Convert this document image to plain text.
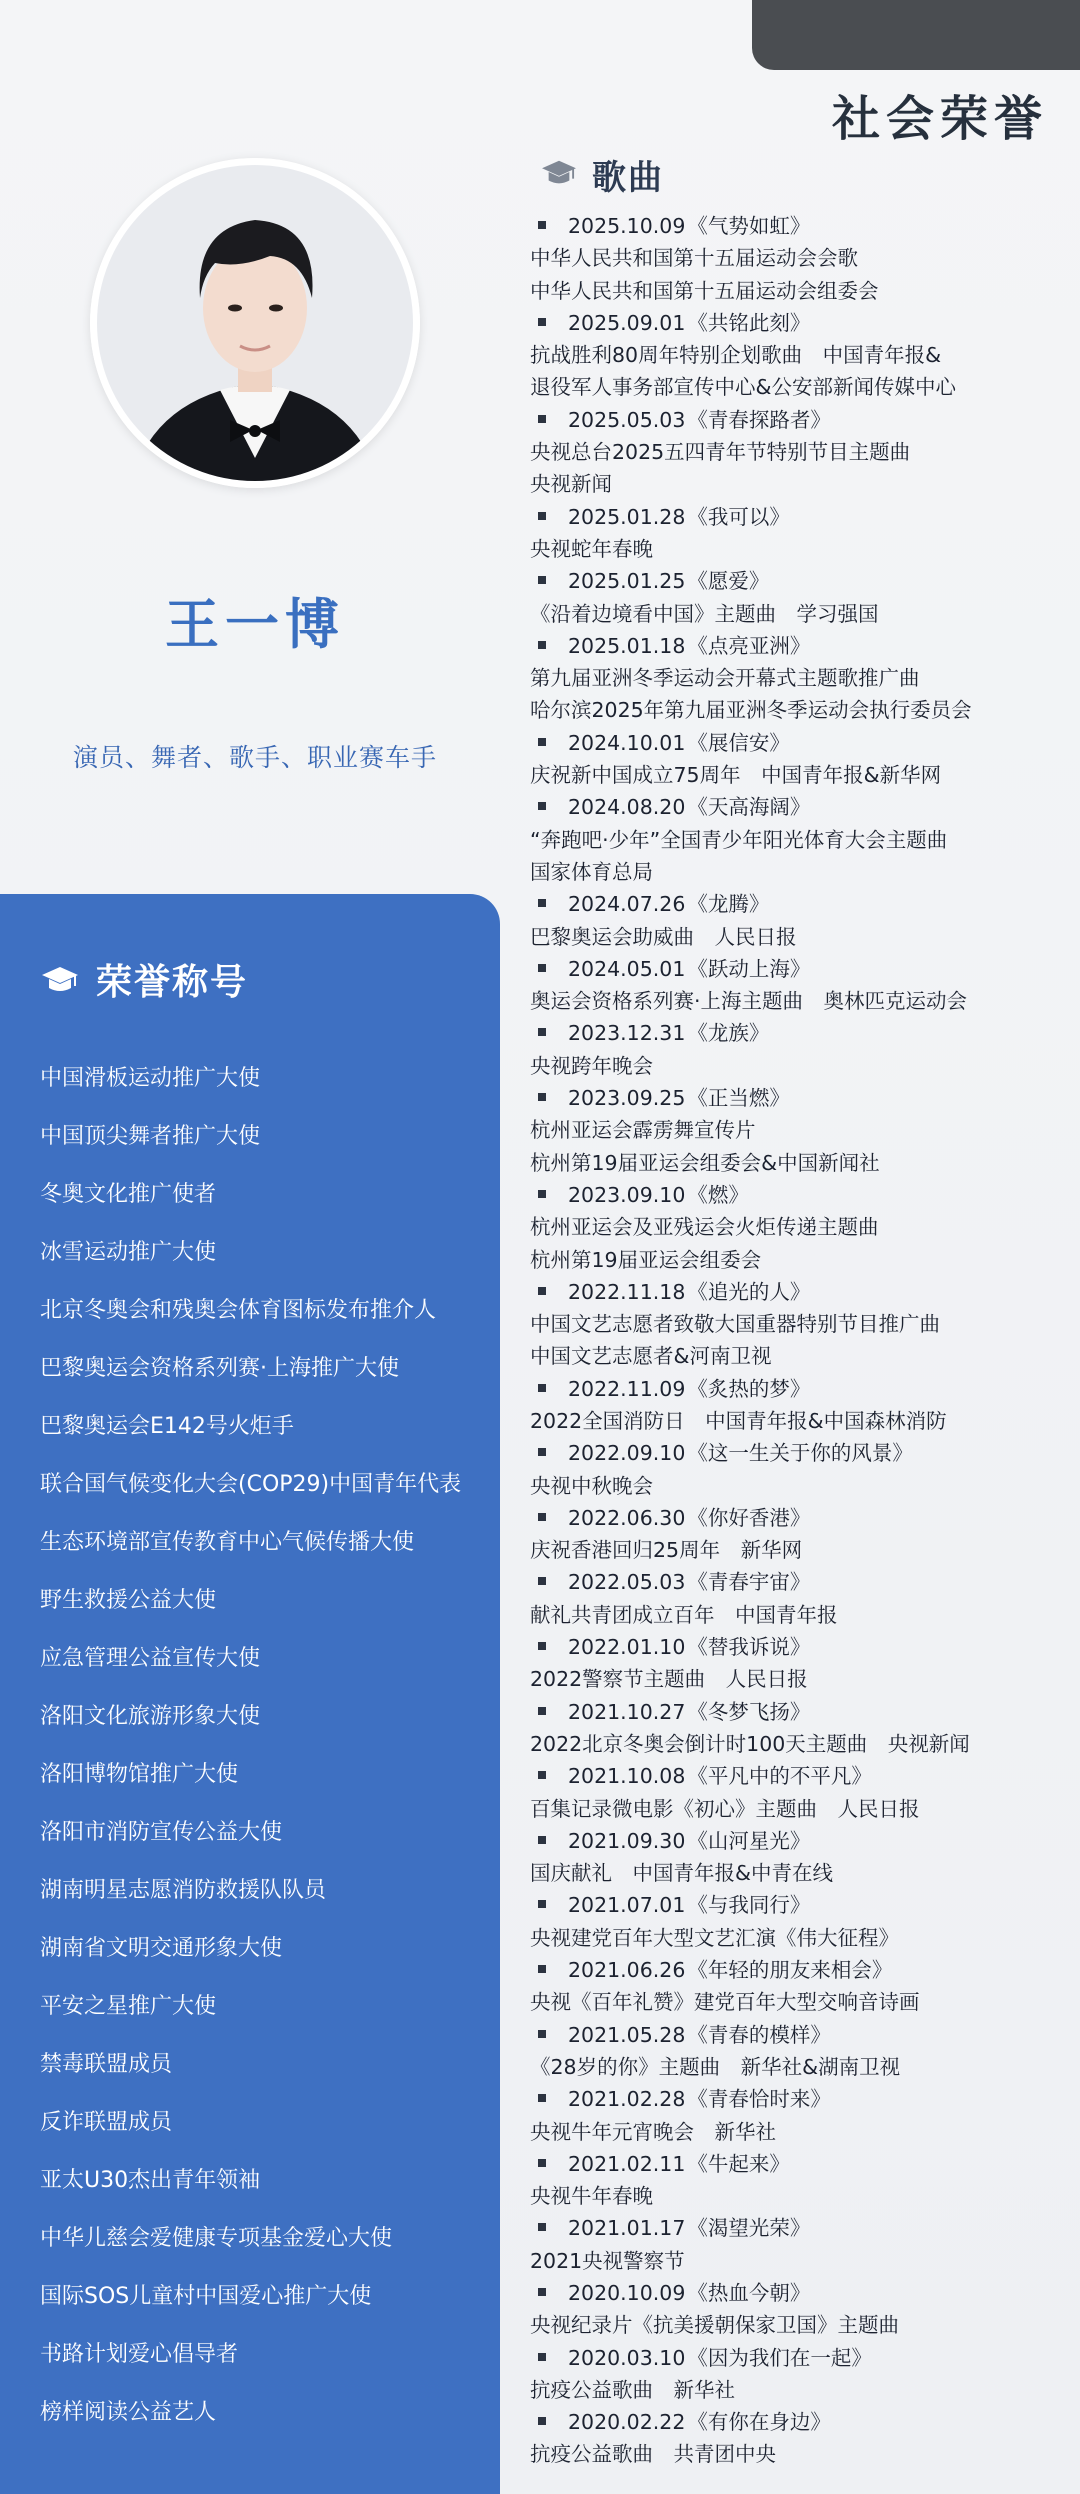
社会荣誉
王一博
演员、舞者、歌手、职业赛车手
荣誉称号
中国滑板运动推广大使
中国顶尖舞者推广大使
冬奥文化推广使者
冰雪运动推广大使
北京冬奥会和残奥会体育图标发布推介人
巴黎奥运会资格系列赛·上海推广大使
巴黎奥运会E142号火炬手
联合国气候变化大会(COP29)中国青年代表
生态环境部宣传教育中心气候传播大使
野生救援公益大使
应急管理公益宣传大使
洛阳文化旅游形象大使
洛阳博物馆推广大使
洛阳市消防宣传公益大使
湖南明星志愿消防救援队队员
湖南省文明交通形象大使
平安之星推广大使
禁毒联盟成员
反诈联盟成员
亚太U30杰出青年领袖
中华儿慈会爱健康专项基金爱心大使
国际SOS儿童村中国爱心推广大使
书路计划爱心倡导者
榜样阅读公益艺人
歌曲
2025.10.09《气势如虹》
中华人民共和国第十五届运动会会歌
中华人民共和国第十五届运动会组委会
2025.09.01《共铭此刻》
抗战胜利80周年特别企划歌曲　中国青年报&
退役军人事务部宣传中心&公安部新闻传媒中心
2025.05.03《青春探路者》
央视总台2025五四青年节特别节目主题曲
央视新闻
2025.01.28《我可以》
央视蛇年春晚
2025.01.25《愿爱》
《沿着边境看中国》主题曲　学习强国
2025.01.18《点亮亚洲》
第九届亚洲冬季运动会开幕式主题歌推广曲
哈尔滨2025年第九届亚洲冬季运动会执行委员会
2024.10.01《展信安》
庆祝新中国成立75周年　中国青年报&新华网
2024.08.20《天高海阔》
“奔跑吧·少年”全国青少年阳光体育大会主题曲
国家体育总局
2024.07.26《龙腾》
巴黎奥运会助威曲　人民日报
2024.05.01《跃动上海》
奥运会资格系列赛·上海主题曲　奥林匹克运动会
2023.12.31《龙族》
央视跨年晚会
2023.09.25《正当燃》
杭州亚运会霹雳舞宣传片
杭州第19届亚运会组委会&中国新闻社
2023.09.10《燃》
杭州亚运会及亚残运会火炬传递主题曲
杭州第19届亚运会组委会
2022.11.18《追光的人》
中国文艺志愿者致敬大国重器特别节目推广曲
中国文艺志愿者&河南卫视
2022.11.09《炙热的梦》
2022全国消防日　中国青年报&中国森林消防
2022.09.10《这一生关于你的风景》
央视中秋晚会
2022.06.30《你好香港》
庆祝香港回归25周年　新华网
2022.05.03《青春宇宙》
献礼共青团成立百年　中国青年报
2022.01.10《替我诉说》
2022警察节主题曲　人民日报
2021.10.27《冬梦飞扬》
2022北京冬奥会倒计时100天主题曲　央视新闻
2021.10.08《平凡中的不平凡》
百集记录微电影《初心》主题曲　人民日报
2021.09.30《山河星光》
国庆献礼　中国青年报&中青在线
2021.07.01《与我同行》
央视建党百年大型文艺汇演《伟大征程》
2021.06.26《年轻的朋友来相会》
央视《百年礼赞》建党百年大型交响音诗画
2021.05.28《青春的模样》
《28岁的你》主题曲　新华社&湖南卫视
2021.02.28《青春恰时来》
央视牛年元宵晚会　新华社
2021.02.11《牛起来》
央视牛年春晚
2021.01.17《渴望光荣》
2021央视警察节
2020.10.09《热血今朝》
央视纪录片《抗美援朝保家卫国》主题曲
2020.03.10《因为我们在一起》
抗疫公益歌曲　新华社
2020.02.22《有你在身边》
抗疫公益歌曲　共青团中央
